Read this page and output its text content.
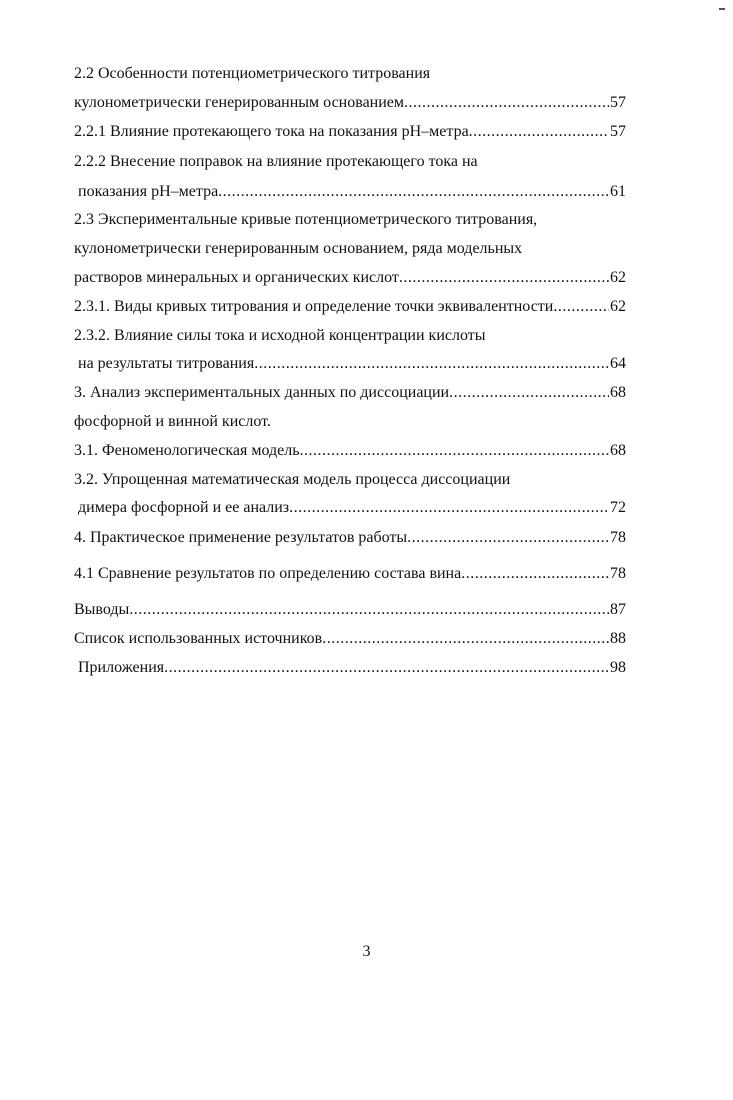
2.2 Особенности потенциометрического титрования
кулонометрически генерированным основанием .....	57
2.2.1 Влияние протекающего тока на показания рН–метра .....	57
2.2.2 Внесение поправок на влияние протекающего тока на
показания рН–метра .....	61
2.3 Экспериментальные кривые потенциометрического титрования,
кулонометрически генерированным основанием, ряда модельных
растворов минеральных и органических кислот .....	62
2.3.1. Виды кривых титрования и определение точки эквивалентности .....	62
2.3.2. Влияние силы тока и исходной концентрации кислоты
на результаты титрования .....	64
3. Анализ экспериментальных данных по диссоциации .....	68
фосфорной и винной кислот.
3.1. Феноменологическая модель .....	68
3.2. Упрощенная математическая модель процесса диссоциации
димера фосфорной и ее анализ .....	72
4. Практическое применение результатов работы .....	78
4.1 Сравнение результатов по определению состава вина .....	78
Выводы .....	87
Список использованных источников .....	88
Приложения .....	98
3
